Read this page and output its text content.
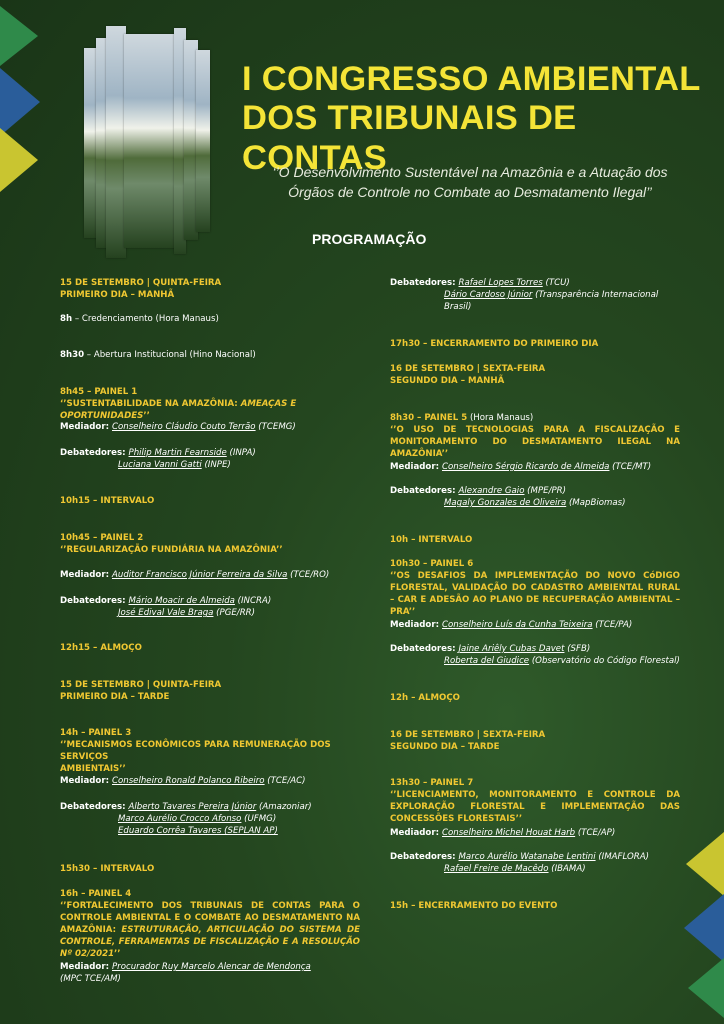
I CONGRESSO AMBIENTAL
DOS TRIBUNAIS DE CONTAS
‘’O Desenvolvimento Sustentável na Amazônia e a Atuação dos
Órgãos de Controle no Combate ao Desmatamento Ilegal’’
PROGRAMAÇÃO
15 DE SETEMBRO | QUINTA-FEIRA
PRIMEIRO DIA – MANHÃ
8h – Credenciamento (Hora Manaus)
8h30 – Abertura Institucional (Hino Nacional)
8h45 – PAINEL 1
‘’SUSTENTABILIDADE NA AMAZÔNIA: AMEAÇAS E OPORTUNIDADES’’
Mediador: Conselheiro Cláudio Couto Terrão (TCEMG)
Debatedores: Philip Martin Fearnside (INPA)
Luciana Vanni Gatti (INPE)
10h15 – INTERVALO
10h45 – PAINEL 2
‘’REGULARIZAÇÃO FUNDIÁRIA NA AMAZÔNIA’’
Mediador: Auditor Francisco Júnior Ferreira da Silva (TCE/RO)
Debatedores: Mário Moacir de Almeida (INCRA)
José Edival Vale Braga (PGE/RR)
12h15 – ALMOÇO
15 DE SETEMBRO | QUINTA-FEIRA
PRIMEIRO DIA – TARDE
14h – PAINEL 3
‘’MECANISMOS ECONÔMICOS PARA REMUNERAÇÃO DOS SERVIÇOS
AMBIENTAIS’’
Mediador: Conselheiro Ronald Polanco Ribeiro (TCE/AC)
Debatedores: Alberto Tavares Pereira Júnior (Amazoniar)
Marco Aurélio Crocco Afonso (UFMG)
Eduardo Corrêa Tavares (SEPLAN AP)
15h30 – INTERVALO
16h – PAINEL 4
‘’FORTALECIMENTO DOS TRIBUNAIS DE CONTAS PARA O CONTROLE AMBIENTAL E O COMBATE AO DESMATAMENTO NA AMAZÔNIA: ESTRUTURAÇÃO, ARTICULAÇÃO DO SISTEMA DE CONTROLE, FERRAMENTAS DE FISCALIZAÇÃO E A RESOLUÇÃO Nº 02/2021’’
Mediador: Procurador Ruy Marcelo Alencar de Mendonça
(MPC TCE/AM)
Debatedores: Rafael Lopes Torres (TCU)
Dário Cardoso Júnior (Transparência Internacional Brasil)
17h30 – ENCERRAMENTO DO PRIMEIRO DIA
16 DE SETEMBRO | SEXTA-FEIRA
SEGUNDO DIA – MANHÃ
8h30 – PAINEL 5 (Hora Manaus)
‘’O USO DE TECNOLOGIAS PARA A FISCALIZAÇÃO E MONITORAMENTO DO DESMATAMENTO ILEGAL NA AMAZÔNIA’’
Mediador: Conselheiro Sérgio Ricardo de Almeida (TCE/MT)
Debatedores: Alexandre Gaio (MPE/PR)
Magaly Gonzales de Oliveira (MapBiomas)
10h – INTERVALO
10h30 – PAINEL 6
‘’OS DESAFIOS DA IMPLEMENTAÇÃO DO NOVO CóDIGO FLORESTAL, VALIDAÇÃO DO CADASTRO AMBIENTAL RURAL – CAR E ADESÃO AO PLANO DE RECUPERAÇÃO AMBIENTAL – PRA’’
Mediador: Conselheiro Luís da Cunha Teixeira (TCE/PA)
Debatedores: Jaine Ariêly Cubas Davet (SFB)
Roberta del Giudice (Observatório do Código Florestal)
12h – ALMOÇO
16 DE SETEMBRO | SEXTA-FEIRA
SEGUNDO DIA – TARDE
13h30 – PAINEL 7
‘’LICENCIAMENTO, MONITORAMENTO E CONTROLE DA EXPLORAÇÃO FLORESTAL E IMPLEMENTAÇÃO DAS CONCESSÕES FLORESTAIS’’
Mediador: Conselheiro Michel Houat Harb (TCE/AP)
Debatedores: Marco Aurélio Watanabe Lentini (IMAFLORA)
Rafael Freire de Macêdo (IBAMA)
15h – ENCERRAMENTO DO EVENTO
